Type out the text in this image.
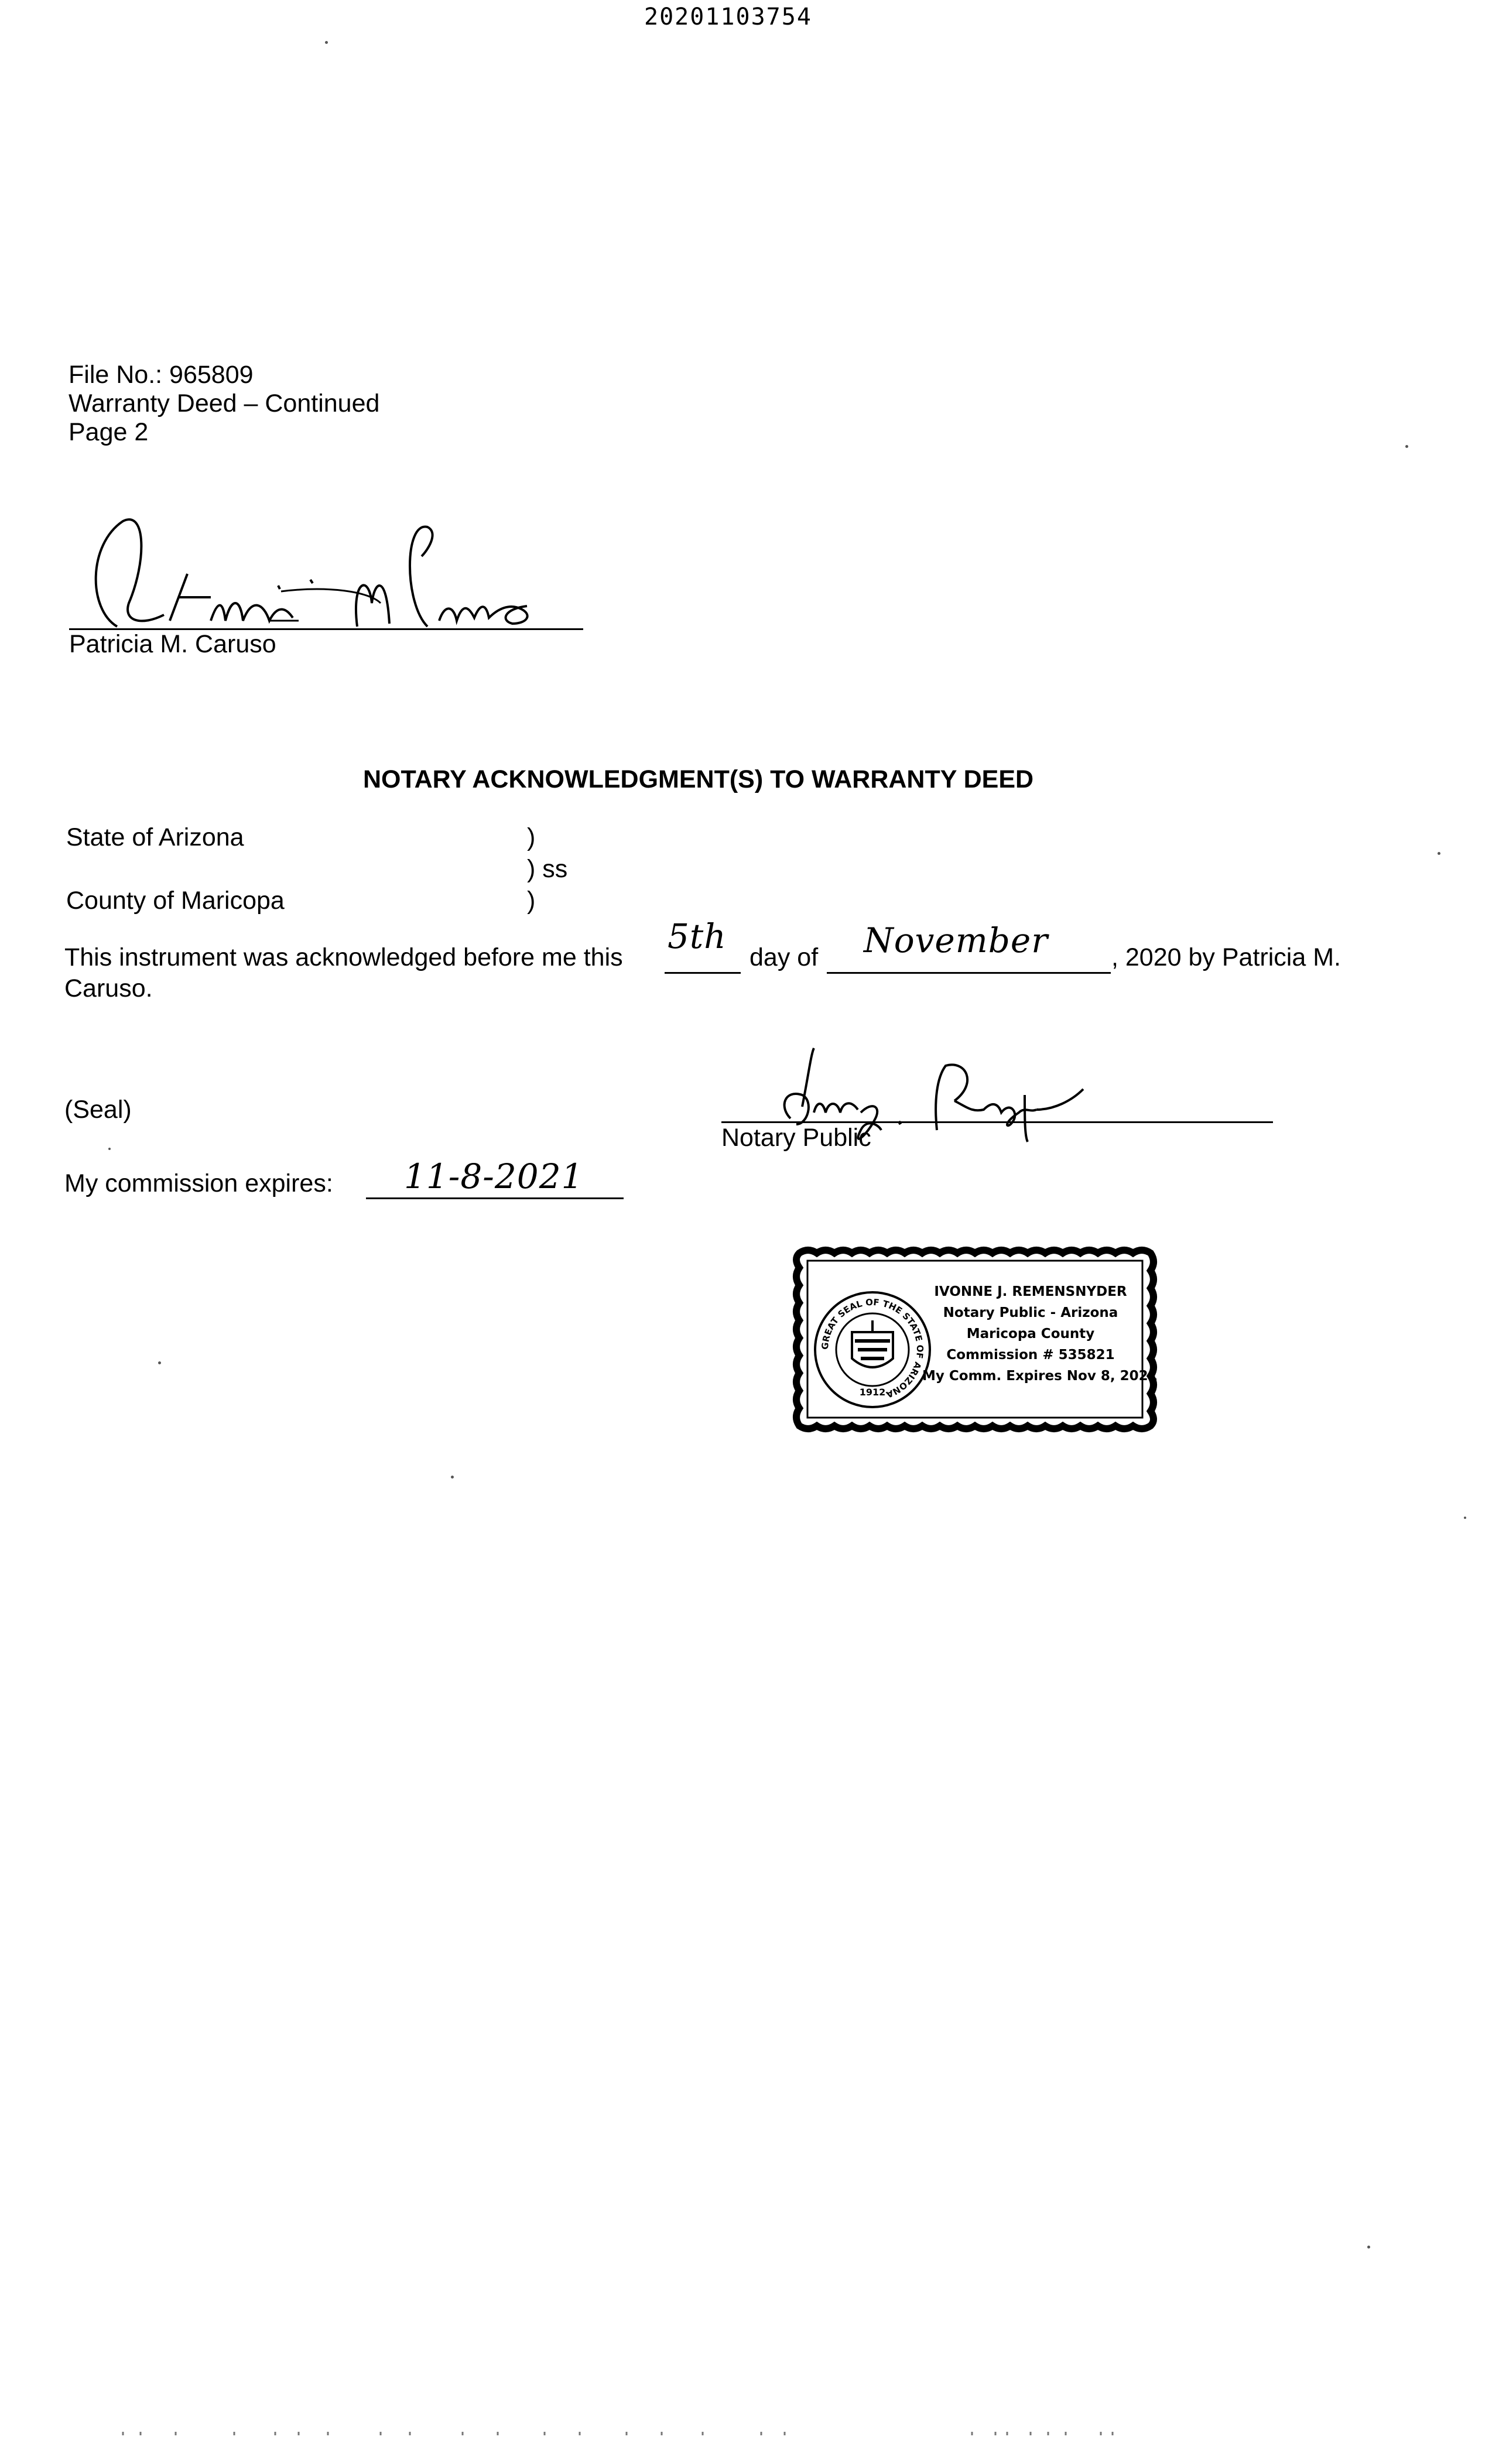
20201103754
File No.: 965809
Warranty Deed – Continued
Page 2
Patricia M. Caruso
NOTARY ACKNOWLEDGMENT(S) TO WARRANTY DEED
State of Arizona	)
) ss
County of Maricopa	)
This instrument was acknowledged before me this
5th
day of November	, 2020 by Patricia M.
Caruso.
(Seal)
Notary Public
My commission expires: 11-8-2021
GREAT SEAL OF THE STATE OF ARIZONA
1912
IVONNE J. REMENSNYDER
Notary Public - Arizona
Maricopa County
Commission # 535821
My Comm. Expires Nov 8, 2021
